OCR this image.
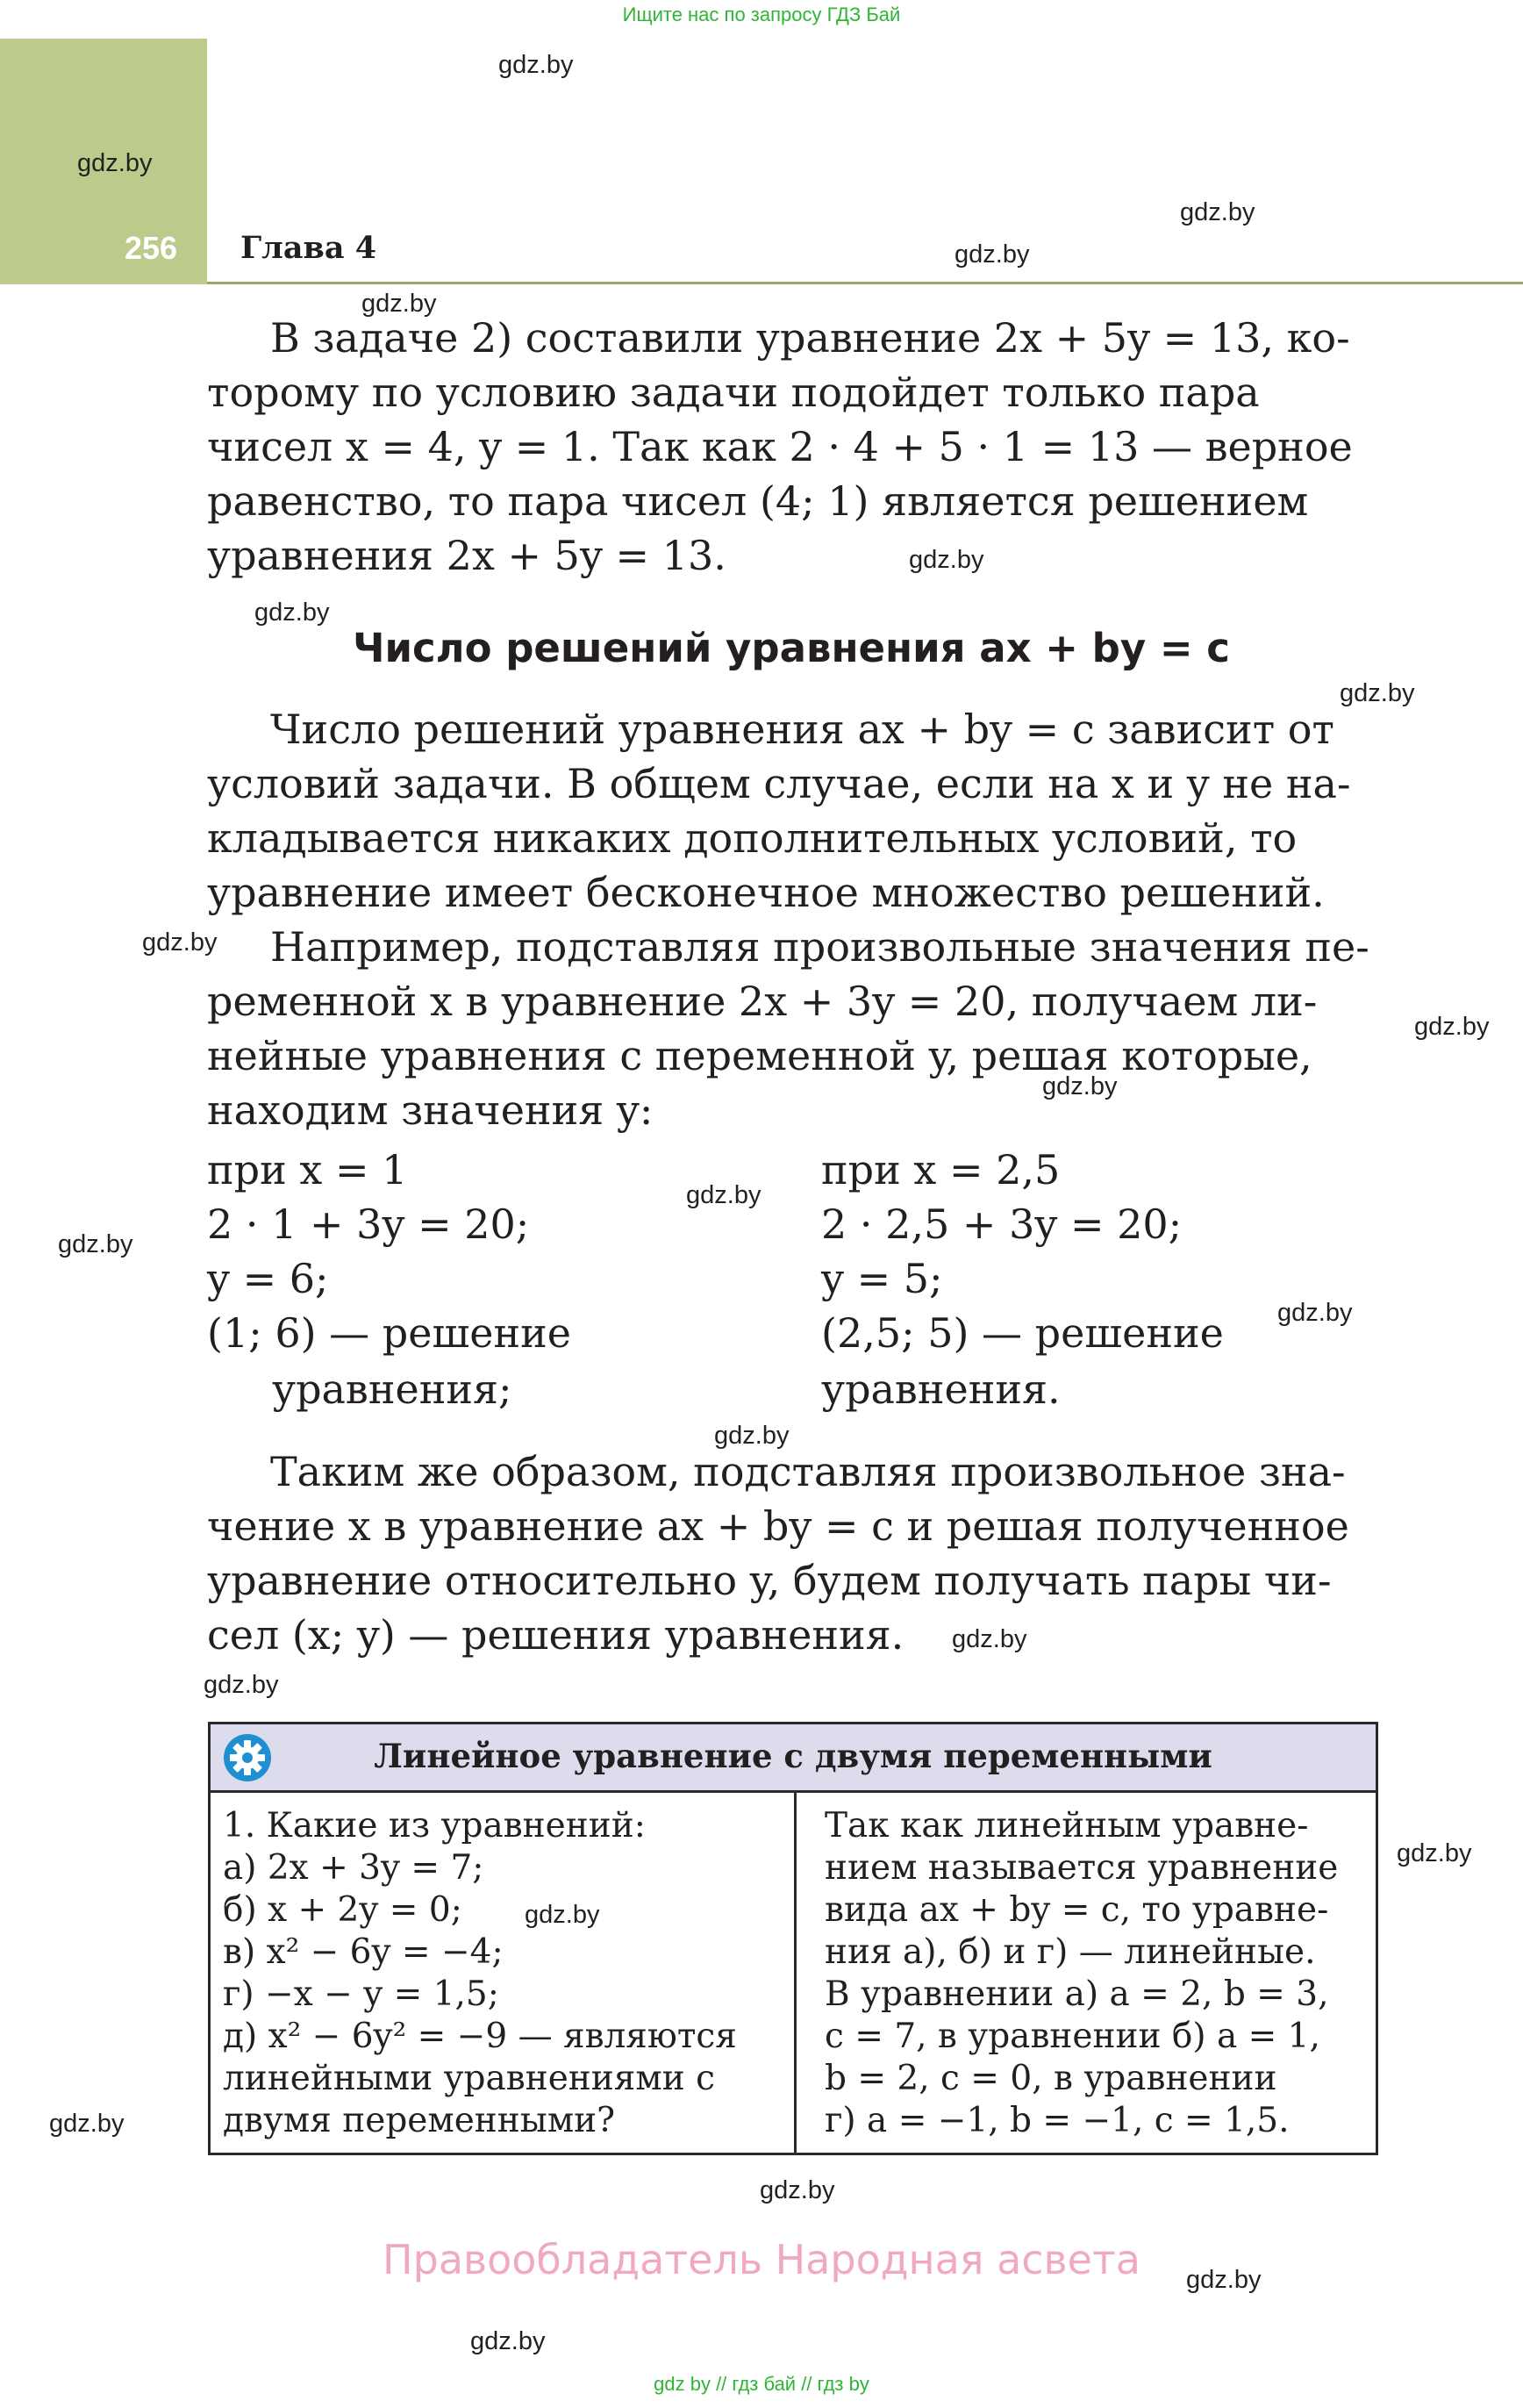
Ищите нас по запросу ГДЗ Бай
256 Глава 4
gdz.by
gdz.by
gdz.by
gdz.by
gdz.by
gdz.by
gdz.by
gdz.by
gdz.by
gdz.by
gdz.by
gdz.by
gdz.by
gdz.by
gdz.by
gdz.by
gdz.by
gdz.by
gdz.by
gdz.by
gdz.by
gdz.by
gdz.by
В задаче 2) составили уравнение 2x + 5y = 13, ко-
торому по условию задачи подойдет только пара
чисел x = 4, y = 1. Так как 2 · 4 + 5 · 1 = 13 — верное
равенство, то пара чисел (4; 1) является решением
уравнения 2x + 5y = 13.
Число решений уравнения ax + by = c
Число решений уравнения ax + by = c зависит от
условий задачи. В общем случае, если на x и y не на-
кладывается никаких дополнительных условий, то
уравнение имеет бесконечное множество решений.
Например, подставляя произвольные значения пе-
ременной x в уравнение 2x + 3y = 20, получаем ли-
нейные уравнения с переменной y, решая которые,
находим значения y:
при x = 1
2 · 1 + 3y = 20;
y = 6;
(1; 6) — решение
уравнения;
при x = 2,5
2 · 2,5 + 3y = 20;
y = 5;
(2,5; 5) — решение
уравнения.
Таким же образом, подставляя произвольное зна-
чение x в уравнение ax + by = c и решая полученное
уравнение относительно y, будем получать пары чи-
сел (x; y) — решения уравнения.
Линейное уравнение с двумя переменными
1. Какие из уравнений:
а) 2x + 3y = 7;
б) x + 2y = 0;
в) x² − 6y = −4;
г) −x − y = 1,5;
д) x² − 6y² = −9 — являются
линейными уравнениями с
двумя переменными?
Так как линейным уравне-
нием называется уравнение
вида ax + by = c, то уравне-
ния а), б) и г) — линейные.
В уравнении а) a = 2, b = 3,
c = 7, в уравнении б) a = 1,
b = 2, c = 0, в уравнении
г) a = −1, b = −1, c = 1,5.
Правообладатель Народная асвета
gdz by // гдз бай // гдз by
